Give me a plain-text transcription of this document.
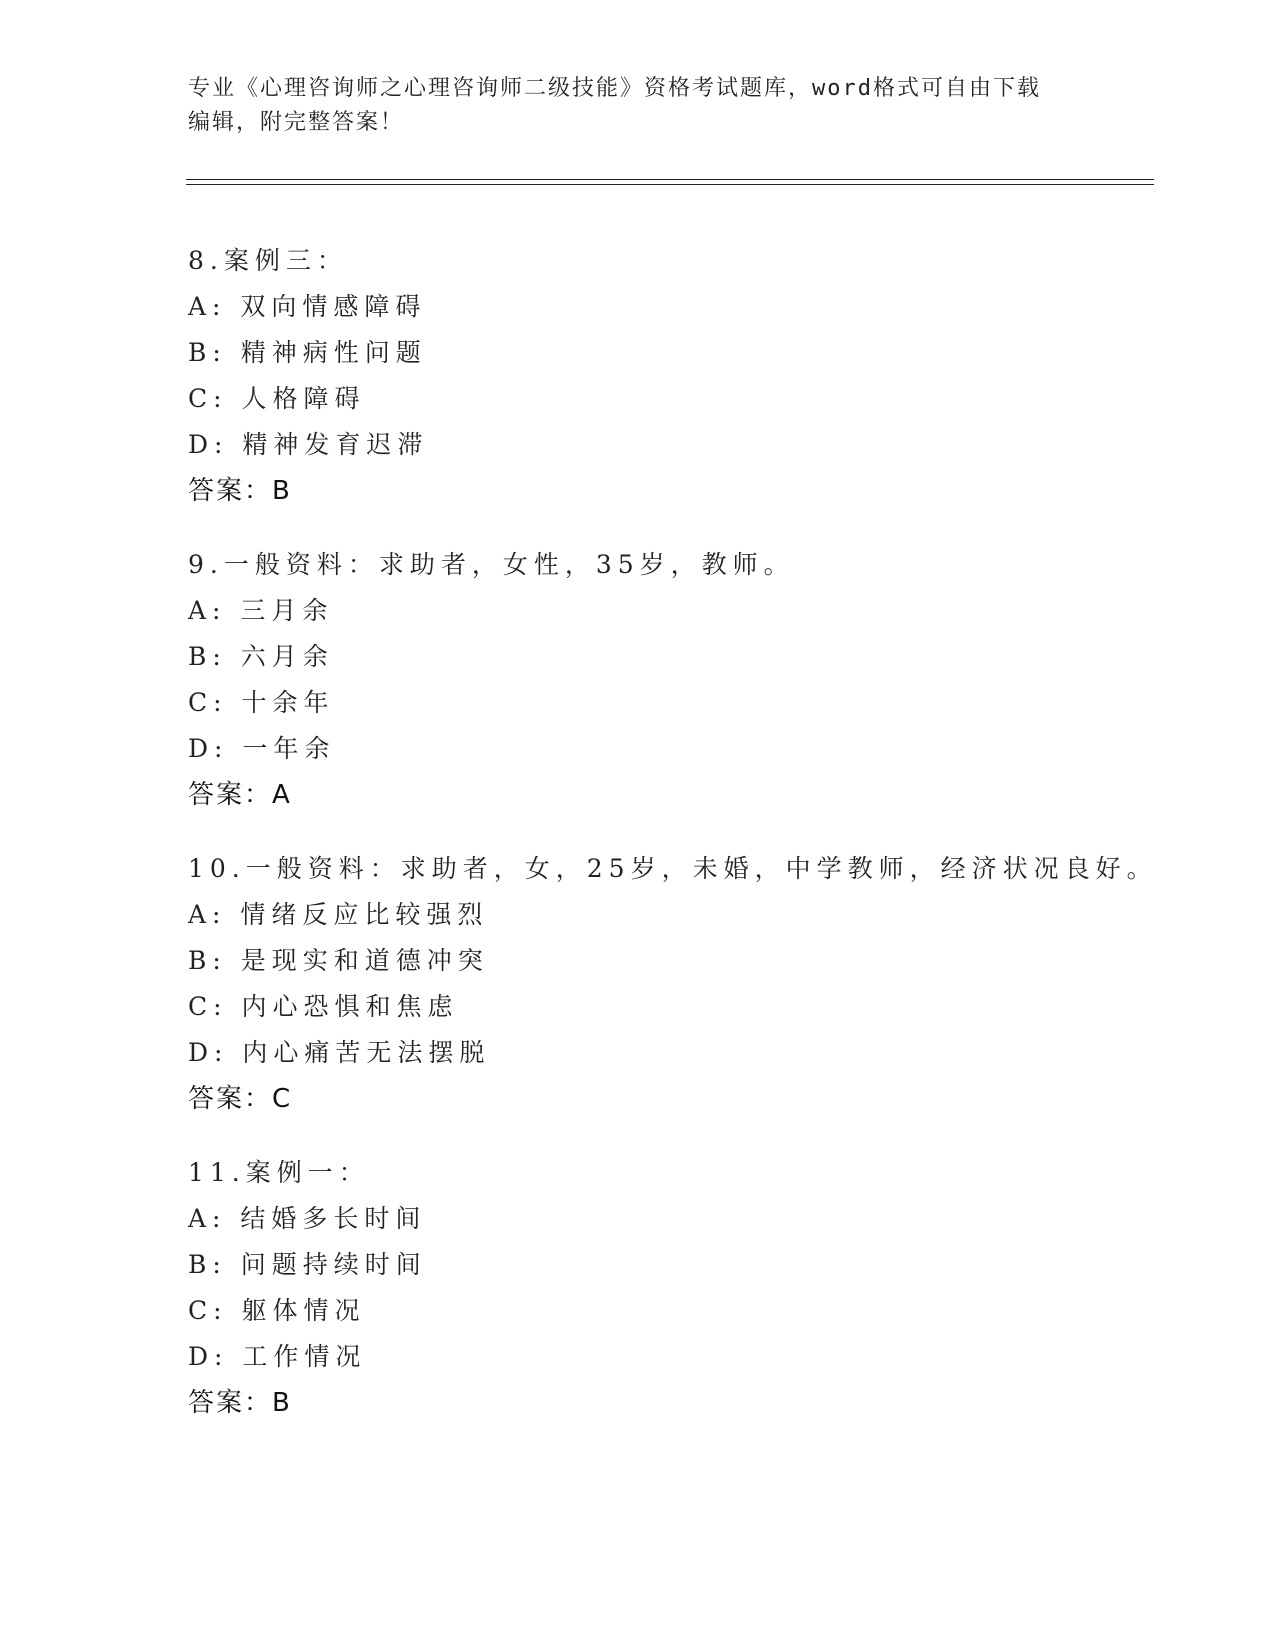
专业《心理咨询师之心理咨询师二级技能》资格考试题库，word格式可自由下载
编辑，附完整答案！
8.案例三：
A: 双向情感障碍
B: 精神病性问题
C: 人格障碍
D: 精神发育迟滞
答案：B
9.一般资料：求助者，女性，35岁，教师。
A: 三月余
B: 六月余
C: 十余年
D: 一年余
答案：A
10.一般资料：求助者，女，25岁，未婚，中学教师，经济状况良好。
A: 情绪反应比较强烈
B: 是现实和道德冲突
C: 内心恐惧和焦虑
D: 内心痛苦无法摆脱
答案：C
11.案例一：
A: 结婚多长时间
B: 问题持续时间
C: 躯体情况
D: 工作情况
答案：B
